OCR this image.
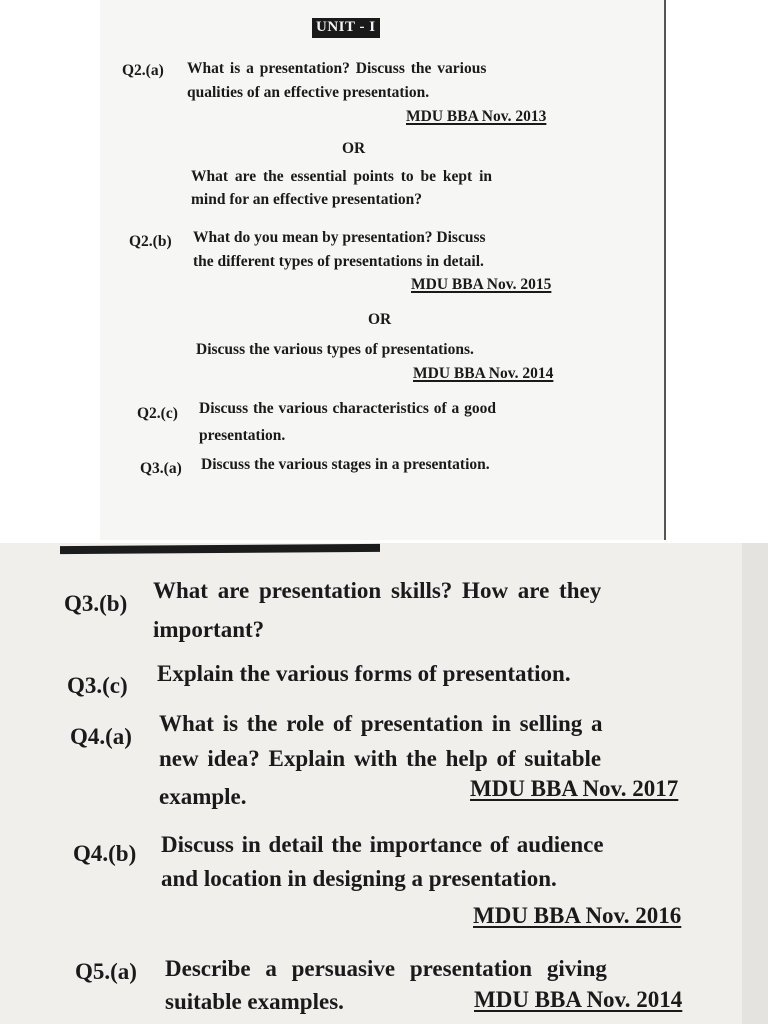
UNIT - I
Q2.(a) What is a presentation? Discuss the various
qualities of an effective presentation.
MDU BBA Nov. 2013
OR
What are the essential points to be kept in
mind for an effective presentation?
Q2.(b) What do you mean by presentation? Discuss
the different types of presentations in detail.
MDU BBA Nov. 2015
OR
Discuss the various types of presentations.
MDU BBA Nov. 2014
Q2.(c) Discuss the various characteristics of a good
presentation.
Q3.(a) Discuss the various stages in a presentation.
Q3.(b)
What are presentation skills? How are they
important?
Q3.(c) Explain the various forms of presentation.
Q4.(a)
What is the role of presentation in selling a
new idea? Explain with the help of suitable
example.	MDU BBA Nov. 2017
Q4.(b) Discuss in detail the importance of audience
and location in designing a presentation.
MDU BBA Nov. 2016
Q5.(a) Describe a persuasive presentation giving
suitable examples.	MDU BBA Nov. 2014
